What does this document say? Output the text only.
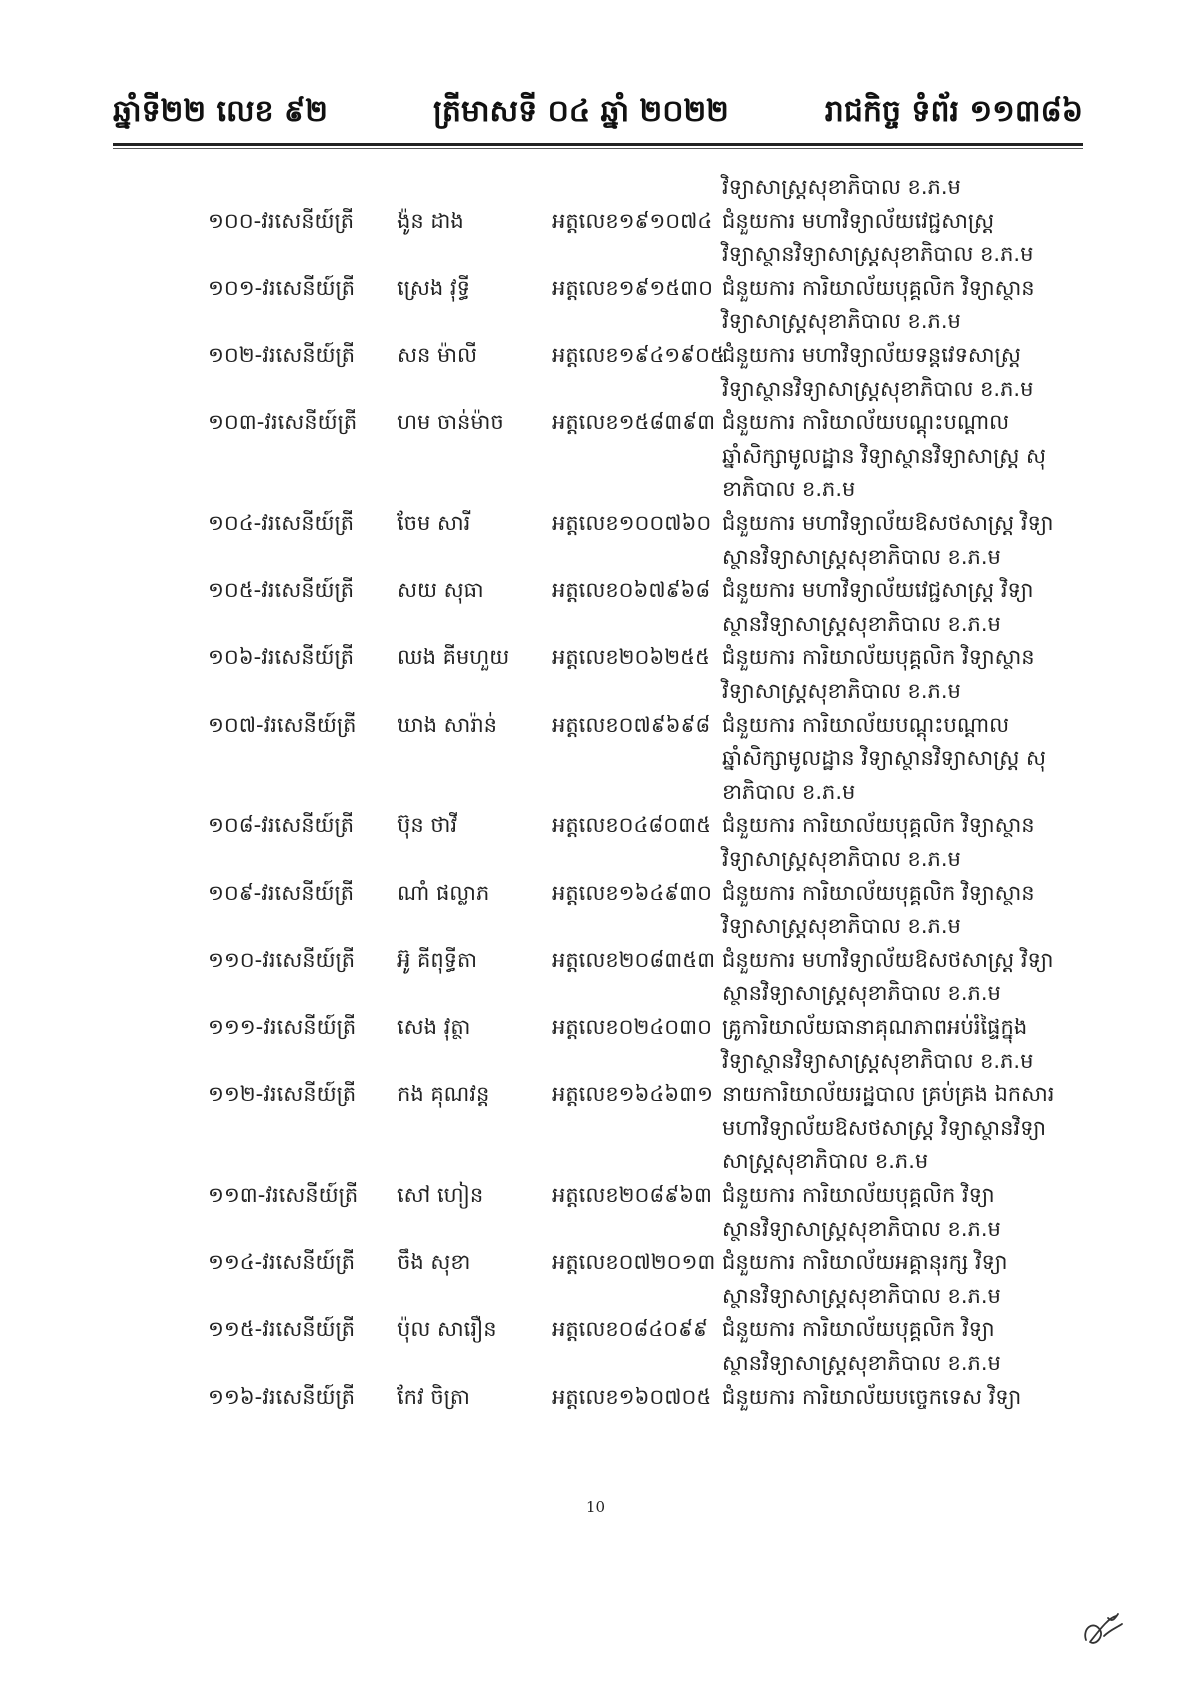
ឆ្នាំទី២២ លេខ ៩២	ត្រីមាសទី ០៤ ឆ្នាំ ២០២២	រាជកិច្ច ទំព័រ ១១៣៨៦
វិទ្យាសាស្ត្រសុខាភិបាល ខ.ភ.ម
១០០-វរសេនីយ៍ត្រី ង៉ូន ដាង	អត្តលេខ១៩១០៧៤ ជំនួយការ មហាវិទ្យាល័យវេជ្ជសាស្ត្រ
វិទ្យាស្ថានវិទ្យាសាស្ត្រសុខាភិបាល ខ.ភ.ម
១០១-វរសេនីយ៍ត្រី ស្រេង វុទ្ធី	អត្តលេខ១៩១៥៣០ ជំនួយការ ការិយាល័យបុគ្គលិក វិទ្យាស្ថាន
វិទ្យាសាស្ត្រសុខាភិបាល ខ.ភ.ម
១០២-វរសេនីយ៍ត្រី សន ម៉ាលី	អត្តលេខ១៩៤១៩០៥
ជំនួយការ មហាវិទ្យាល័យទន្តវេទសាស្ត្រ
វិទ្យាស្ថានវិទ្យាសាស្ត្រសុខាភិបាល ខ.ភ.ម
១០៣-វរសេនីយ៍ត្រី ហម ចាន់ម៉ាច អត្តលេខ១៥៨៣៩៣ ជំនួយការ ការិយាល័យបណ្តុះបណ្តាល
ឆ្នាំសិក្សាមូលដ្ឋាន វិទ្យាស្ថានវិទ្យាសាស្ត្រ សុ
ខាភិបាល ខ.ភ.ម
១០៤-វរសេនីយ៍ត្រី ចែម សារី	អត្តលេខ១០០៧៦០ ជំនួយការ មហាវិទ្យាល័យឱសថសាស្ត្រ វិទ្យា
ស្ថានវិទ្យាសាស្ត្រសុខាភិបាល ខ.ភ.ម
១០៥-វរសេនីយ៍ត្រី សយ សុធា	អត្តលេខ០៦៧៩៦៨ ជំនួយការ មហាវិទ្យាល័យវេជ្ជសាស្ត្រ វិទ្យា
ស្ថានវិទ្យាសាស្ត្រសុខាភិបាល ខ.ភ.ម
១០៦-វរសេនីយ៍ត្រី ឈង គីមហួយ អត្តលេខ២០៦២៥៥ ជំនួយការ ការិយាល័យបុគ្គលិក វិទ្យាស្ថាន
វិទ្យាសាស្ត្រសុខាភិបាល ខ.ភ.ម
១០៧-វរសេនីយ៍ត្រី ឃាង សារ៉ាន់	អត្តលេខ០៧៩៦៩៨ ជំនួយការ ការិយាល័យបណ្តុះបណ្តាល
ឆ្នាំសិក្សាមូលដ្ឋាន វិទ្យាស្ថានវិទ្យាសាស្ត្រ សុ
ខាភិបាល ខ.ភ.ម
១០៨-វរសេនីយ៍ត្រី ប៊ុន ថាវី	អត្តលេខ០៤៨០៣៥ ជំនួយការ ការិយាល័យបុគ្គលិក វិទ្យាស្ថាន
វិទ្យាសាស្ត្រសុខាភិបាល ខ.ភ.ម
១០៩-វរសេនីយ៍ត្រី ណាំ ផល្លាភ	អត្តលេខ១៦៤៩៣០ ជំនួយការ ការិយាល័យបុគ្គលិក វិទ្យាស្ថាន
វិទ្យាសាស្ត្រសុខាភិបាល ខ.ភ.ម
១១០-វរសេនីយ៍ត្រី អ៊ូ គីពុទ្ធីតា	អត្តលេខ២០៨៣៥៣ ជំនួយការ មហាវិទ្យាល័យឱសថសាស្ត្រ វិទ្យា
ស្ថានវិទ្យាសាស្ត្រសុខាភិបាល ខ.ភ.ម
១១១-វរសេនីយ៍ត្រី សេង វុត្ថា	អត្តលេខ០២៤០៣០ គ្រូការិយាល័យធានាគុណភាពអប់រំផ្ទៃក្នុង
វិទ្យាស្ថានវិទ្យាសាស្ត្រសុខាភិបាល ខ.ភ.ម
១១២-វរសេនីយ៍ត្រី កង គុណវន្ត	អត្តលេខ១៦៤៦៣១ នាយការិយាល័យរដ្ឋបាល គ្រប់គ្រង ឯកសារ
មហាវិទ្យាល័យឱសថសាស្ត្រ វិទ្យាស្ថានវិទ្យា
សាស្ត្រសុខាភិបាល ខ.ភ.ម
១១៣-វរសេនីយ៍ត្រី សៅ ហៀន	អត្តលេខ២០៨៩៦៣ ជំនួយការ ការិយាល័យបុគ្គលិក វិទ្យា
ស្ថានវិទ្យាសាស្ត្រសុខាភិបាល ខ.ភ.ម
១១៤-វរសេនីយ៍ត្រី ចឹង សុខា	អត្តលេខ០៧២០១៣ ជំនួយការ ការិយាល័យអគ្គានុរក្ស វិទ្យា
ស្ថានវិទ្យាសាស្ត្រសុខាភិបាល ខ.ភ.ម
១១៥-វរសេនីយ៍ត្រី ប៉ុល សារឿន	អត្តលេខ០៨៤០៩៩ ជំនួយការ ការិយាល័យបុគ្គលិក វិទ្យា
ស្ថានវិទ្យាសាស្ត្រសុខាភិបាល ខ.ភ.ម
១១៦-វរសេនីយ៍ត្រី កែវ ចិត្រា	អត្តលេខ១៦០៧០៥ ជំនួយការ ការិយាល័យបច្ចេកទេស វិទ្យា
10
